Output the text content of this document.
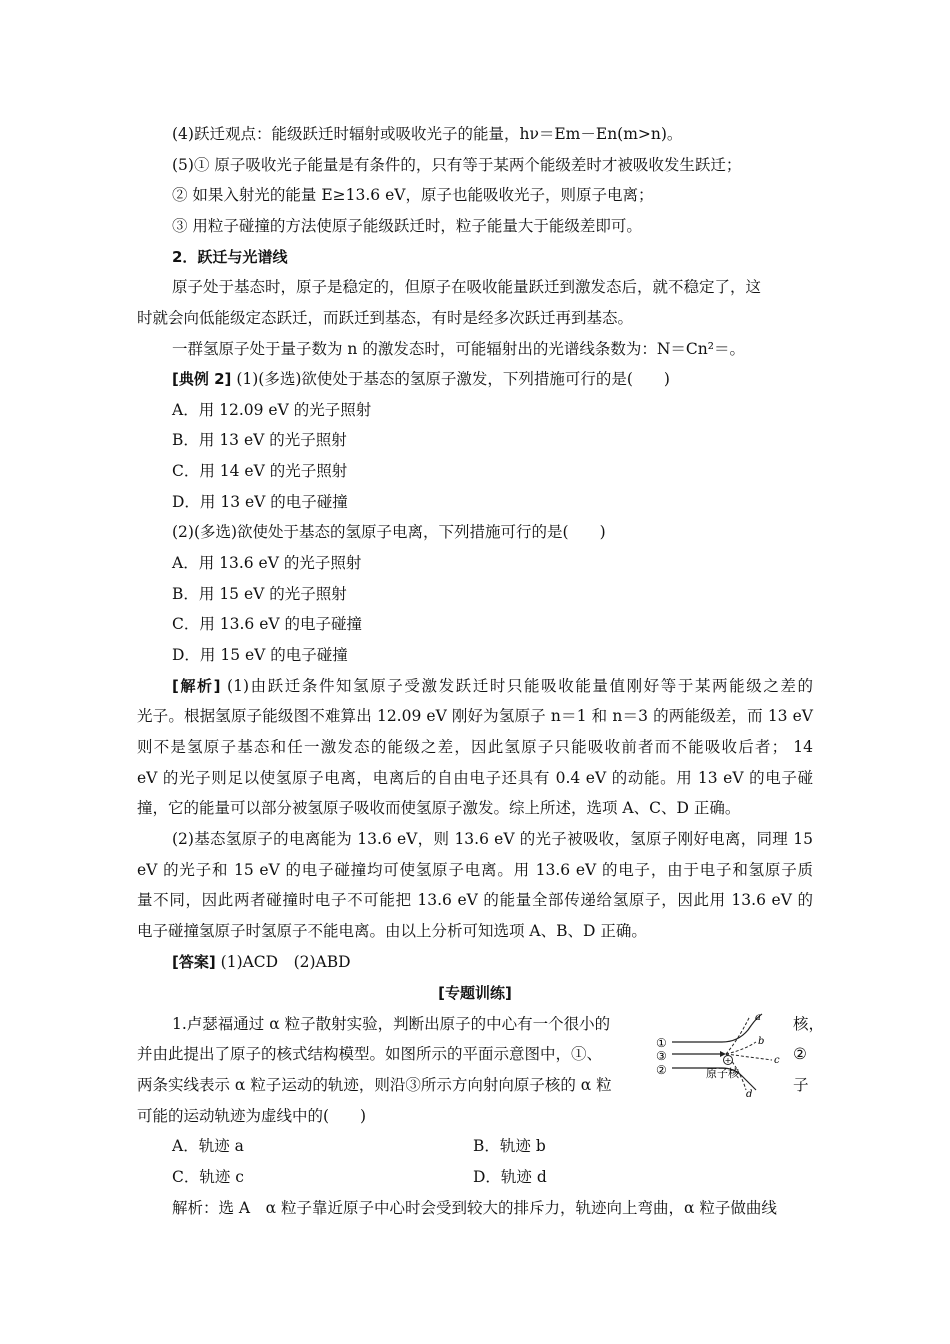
(4)跃迁观点：能级跃迁时辐射或吸收光子的能量，hν＝Em－En(m>n)。
(5)① 原子吸收光子能量是有条件的，只有等于某两个能级差时才被吸收发生跃迁；
② 如果入射光的能量 E≥13.6 eV，原子也能吸收光子，则原子电离；
③ 用粒子碰撞的方法使原子能级跃迁时，粒子能量大于能级差即可。
2．跃迁与光谱线
原子处于基态时，原子是稳定的，但原子在吸收能量跃迁到激发态后，就不稳定了，这
时就会向低能级定态跃迁，而跃迁到基态，有时是经多次跃迁再到基态。
一群氢原子处于量子数为 n 的激发态时，可能辐射出的光谱线条数为：N＝Cn²＝。
[典例 2] (1)(多选)欲使处于基态的氢原子激发，下列措施可行的是(　　)
A．用 12.09 eV 的光子照射
B．用 13 eV 的光子照射
C．用 14 eV 的光子照射
D．用 13 eV 的电子碰撞
(2)(多选)欲使处于基态的氢原子电离，下列措施可行的是(　　)
A．用 13.6 eV 的光子照射
B．用 15 eV 的光子照射
C．用 13.6 eV 的电子碰撞
D．用 15 eV 的电子碰撞
[解析] (1)由跃迁条件知氢原子受激发跃迁时只能吸收能量值刚好等于某两能级之差的
光子。根据氢原子能级图不难算出 12.09 eV 刚好为氢原子 n＝1 和 n＝3 的两能级差，而 13 eV
则不是氢原子基态和任一激发态的能级之差，因此氢原子只能吸收前者而不能吸收后者； 14
eV 的光子则足以使氢原子电离，电离后的自由电子还具有 0.4 eV 的动能。用 13 eV 的电子碰
撞，它的能量可以部分被氢原子吸收而使氢原子激发。综上所述，选项 A、C、D 正确。
(2)基态氢原子的电离能为 13.6 eV，则 13.6 eV 的光子被吸收，氢原子刚好电离，同理 15
eV 的光子和 15 eV 的电子碰撞均可使氢原子电离。用 13.6 eV 的电子，由于电子和氢原子质
量不同，因此两者碰撞时电子不可能把 13.6 eV 的能量全部传递给氢原子，因此用 13.6 eV 的
电子碰撞氢原子时氢原子不能电离。由以上分析可知选项 A、B、D 正确。
[答案] (1)ACD　(2)ABD
[专题训练]
1.卢瑟福通过 α 粒子散射实验，判断出原子的中心有一个很小的	核，
并由此提出了原子的核式结构模型。如图所示的平面示意图中，①、	②
两条实线表示 α 粒子运动的轨迹，则沿③所示方向射向原子核的 α 粒	子
可能的运动轨迹为虚线中的(　　)
A．轨迹 a	B．轨迹 b
C．轨迹 c	D．轨迹 d
解析：选 A　α 粒子靠近原子中心时会受到较大的排斥力，轨迹向上弯曲，α 粒子做曲线
+
①
③
②
a
b
c
d
原子核
